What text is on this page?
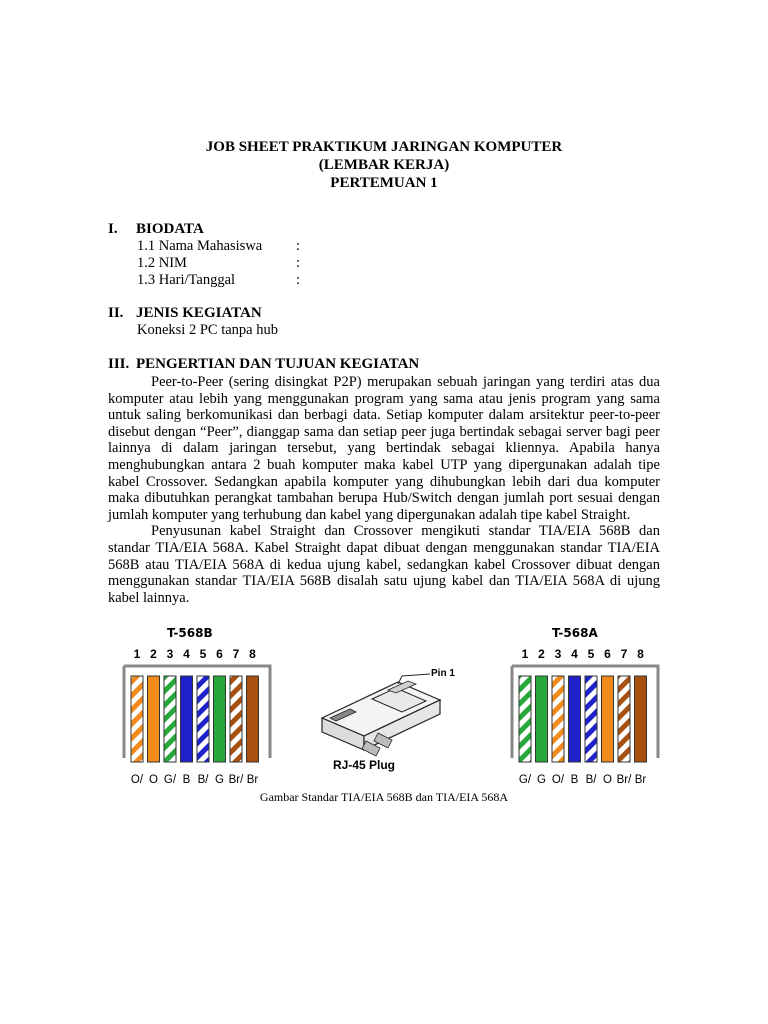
JOB SHEET PRAKTIKUM JARINGAN KOMPUTER
(LEMBAR KERJA)
PERTEMUAN 1
I. BIODATA
1.1 Nama Mahasiswa :
1.2 NIM	:
1.3 Hari/Tanggal	:
II. JENIS KEGIATAN
Koneksi 2 PC tanpa hub
III. PENGERTIAN DAN TUJUAN KEGIATAN

Peer-to-Peer (sering disingkat P2P) merupakan sebuah jaringan yang terdiri atas dua komputer atau lebih yang menggunakan program yang sama atau jenis program yang sama untuk saling berkomunikasi dan berbagi data. Setiap komputer dalam arsitektur peer-to-peer disebut dengan “Peer”, dianggap sama dan setiap peer juga bertindak sebagai server bagi peer lainnya di dalam jaringan tersebut, yang bertindak sebagai kliennya. Apabila hanya menghubungkan antara 2 buah komputer maka kabel UTP yang dipergunakan adalah tipe kabel Crossover. Sedangkan apabila komputer yang dihubungkan lebih dari dua komputer maka dibutuhkan perangkat tambahan berupa Hub/Switch dengan jumlah port sesuai dengan jumlah komputer yang terhubung dan kabel yang dipergunakan adalah tipe kabel Straight.

Penyusunan kabel Straight dan Crossover mengikuti standar TIA/EIA 568B dan standar TIA/EIA 568A. Kabel Straight dapat dibuat dengan menggunakan standar TIA/EIA 568B atau TIA/EIA 568A di kedua ujung kabel, sedangkan kabel Crossover dibuat dengan menggunakan standar TIA/EIA 568B disalah satu ujung kabel dan TIA/EIA 568A di ujung kabel lainnya.

T-568B	T-568A
1
O/
2
O
3
G/
4
B
5
B/
6
G
7
Br/
8
Br
1
G/
2
G
3
O/
4
B
5
B/
6
O
7
Br/
8
Br
Pin 1
RJ-45 Plug
Gambar Standar TIA/EIA 568B dan TIA/EIA 568A
